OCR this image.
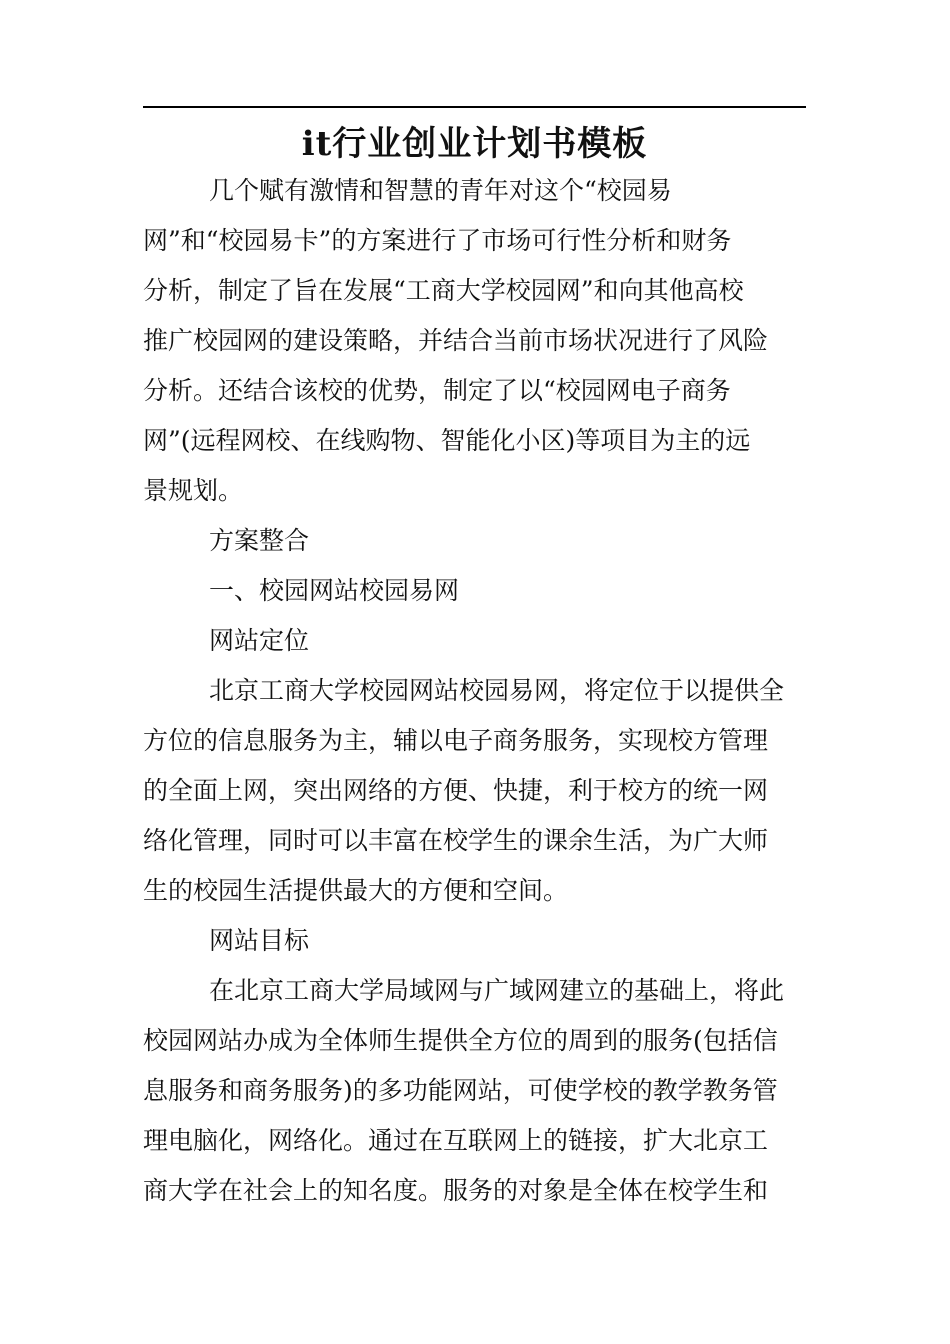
it行业创业计划书模板
几个赋有激情和智慧的青年对这个“校园易
网”和“校园易卡”的方案进行了市场可行性分析和财务
分析，制定了旨在发展“工商大学校园网”和向其他高校
推广校园网的建设策略，并结合当前市场状况进行了风险
分析。还结合该校的优势，制定了以“校园网电子商务
网”(远程网校、在线购物、智能化小区)等项目为主的远
景规划。
方案整合
一、校园网站校园易网
网站定位
北京工商大学校园网站校园易网，将定位于以提供全
方位的信息服务为主，辅以电子商务服务，实现校方管理
的全面上网，突出网络的方便、快捷，利于校方的统一网
络化管理，同时可以丰富在校学生的课余生活，为广大师
生的校园生活提供最大的方便和空间。
网站目标
在北京工商大学局域网与广域网建立的基础上，将此
校园网站办成为全体师生提供全方位的周到的服务(包括信
息服务和商务服务)的多功能网站，可使学校的教学教务管
理电脑化，网络化。通过在互联网上的链接，扩大北京工
商大学在社会上的知名度。服务的对象是全体在校学生和
